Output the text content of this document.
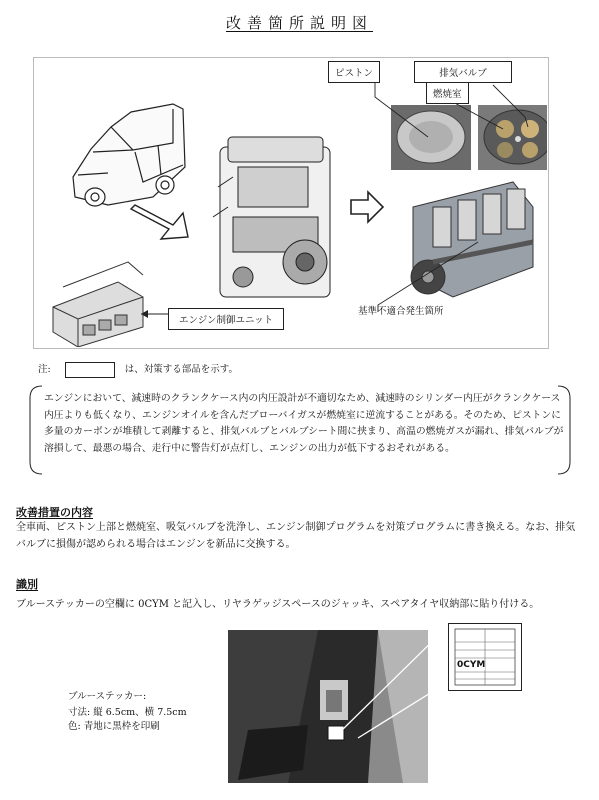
改善箇所説明図
ピストン	排気バルブ
燃焼室
エンジン制御ユニット
基準不適合発生箇所
注:	は、対策する部品を示す。
エンジンにおいて、減速時のクランクケース内の内圧設計が不適切なため、減速時のシリンダー内圧がクランクケース内圧よりも低くなり、エンジンオイルを含んだブローバイガスが燃焼室に逆流することがある。そのため、ピストンに多量のカーボンが堆積して剥離すると、排気バルブとバルブシート間に挟まり、高温の燃焼ガスが漏れ、排気バルブが溶損して、最悪の場合、走行中に警告灯が点灯し、エンジンの出力が低下するおそれがある。
改善措置の内容
全車両、ピストン上部と燃焼室、吸気バルブを洗浄し、エンジン制御プログラムを対策プログラムに書き換える。なお、排気バルブに損傷が認められる場合はエンジンを新品に交換する。
識別
ブルーステッカーの空欄に 0CYM と記入し、リヤラゲッジスペースのジャッキ、スペアタイヤ収納部に貼り付ける。
ブルーステッカー:
寸法: 縦 6.5cm、横 7.5cm
色: 青地に黒枠を印刷
0CYM
